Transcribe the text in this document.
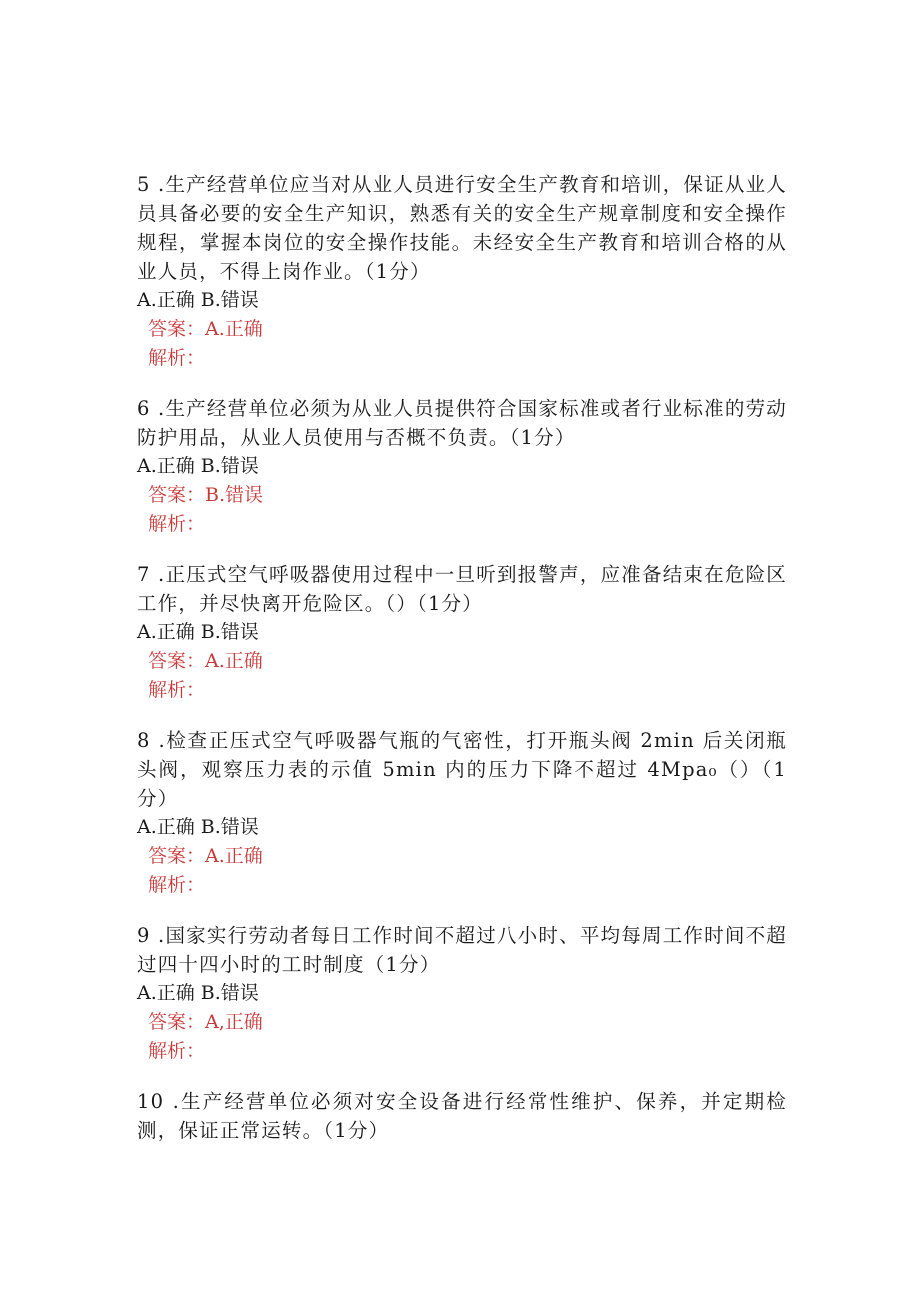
5 .生产经营单位应当对从业人员进行安全生产教育和培训，保证从业人员具备必要的安全生产知识，熟悉有关的安全生产规章制度和安全操作规程，掌握本岗位的安全操作技能。未经安全生产教育和培训合格的从业人员，不得上岗作业。（1分）

A.正确 B.错误

答案：A.正确

解析：

6 .生产经营单位必须为从业人员提供符合国家标准或者行业标准的劳动防护用品，从业人员使用与否概不负责。（1分）

A.正确 B.错误

答案：B.错误

解析：

7 .正压式空气呼吸器使用过程中一旦听到报警声，应准备结束在危险区工作，并尽快离开危险区。（）（1分）

A.正确 B.错误

答案：A.正确

解析：

8 .检查正压式空气呼吸器气瓶的气密性，打开瓶头阀 2min 后关闭瓶头阀，观察压力表的示值 5min 内的压力下降不超过 4Mpa₀（）（1分）

A.正确 B.错误

答案：A.正确

解析：

9 .国家实行劳动者每日工作时间不超过八小时、平均每周工作时间不超过四十四小时的工时制度（1分）

A.正确 B.错误

答案：A,正确

解析：

10 .生产经营单位必须对安全设备进行经常性维护、保养，并定期检测，保证正常运转。（1分）
